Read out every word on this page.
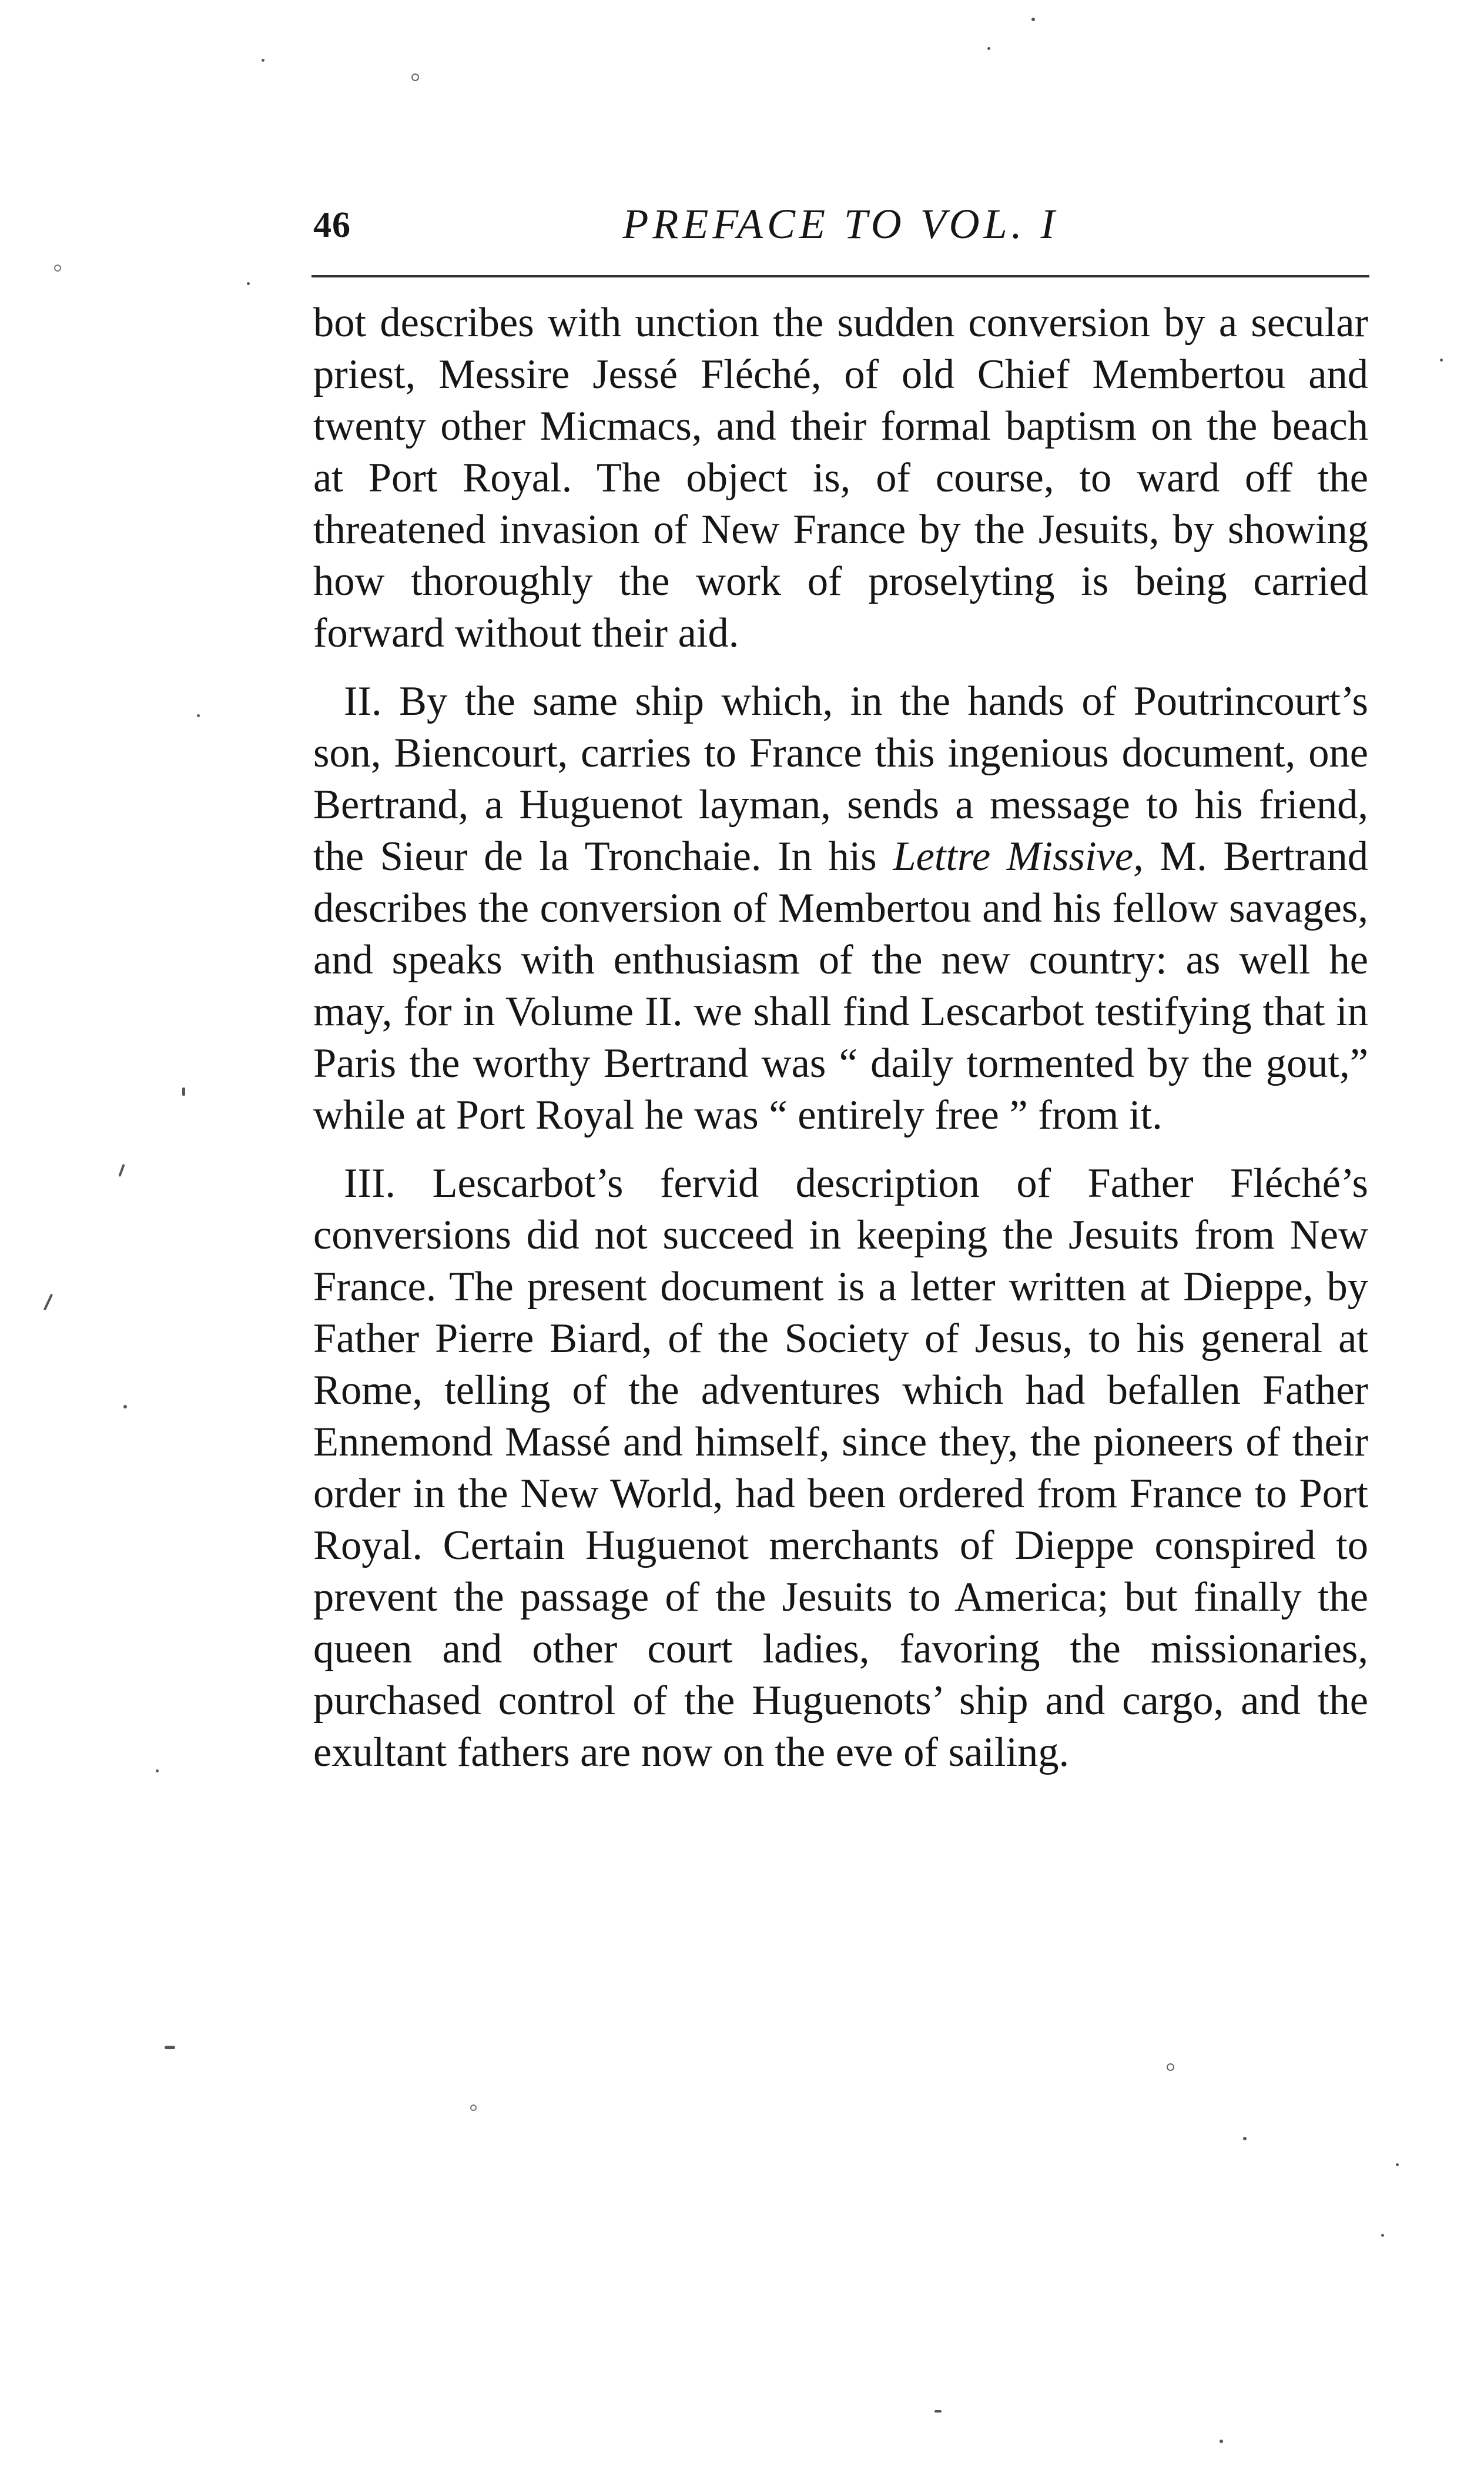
46	PREFACE TO VOL. I

bot describes with unction the sudden conversion by a secular priest, Messire Jessé Fléché, of old Chief Membertou and twenty other Micmacs, and their formal baptism on the beach at Port Royal. The object is, of course, to ward off the threatened invasion of New France by the Jesuits, by showing how thoroughly the work of proselyting is being carried forward without their aid.

II. By the same ship which, in the hands of Poutrincourt’s son, Biencourt, carries to France this ingenious document, one Bertrand, a Huguenot layman, sends a message to his friend, the Sieur de la Tronchaie. In his Lettre Missive, M. Bertrand describes the conversion of Membertou and his fellow savages, and speaks with enthusiasm of the new country: as well he may, for in Volume II. we shall find Lescarbot testifying that in Paris the worthy Bertrand was “ daily tormented by the gout,” while at Port Royal he was “ entirely free ” from it.

III. Lescarbot’s fervid description of Father Fléché’s conversions did not succeed in keeping the Jesuits from New France. The present document is a letter written at Dieppe, by Father Pierre Biard, of the Society of Jesus, to his general at Rome, telling of the adventures which had befallen Father Ennemond Massé and himself, since they, the pioneers of their order in the New World, had been ordered from France to Port Royal. Certain Huguenot merchants of Dieppe conspired to prevent the passage of the Jesuits to America; but finally the queen and other court ladies, favoring the missionaries, purchased control of the Huguenots’ ship and cargo, and the exultant fathers are now on the eve of sailing.
